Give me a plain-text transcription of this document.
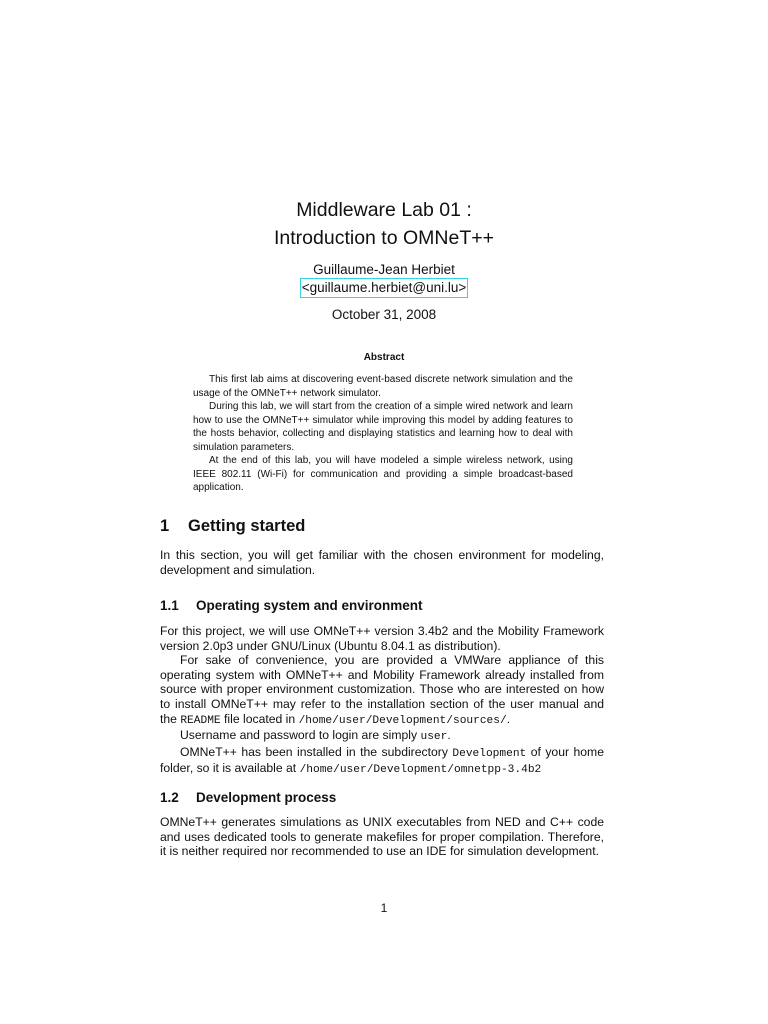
Middleware Lab 01 :
Introduction to OMNeT++
Guillaume-Jean Herbiet
<guillaume.herbiet@uni.lu>
October 31, 2008
Abstract

This first lab aims at discovering event-based discrete network simulation and the usage of the OMNeT++ network simulator.

During this lab, we will start from the creation of a simple wired network and learn how to use the OMNeT++ simulator while improving this model by adding features to the hosts behavior, collecting and displaying statistics and learning how to deal with simulation parameters.

At the end of this lab, you will have modeled a simple wireless network, using IEEE 802.11 (Wi-Fi) for communication and providing a simple broadcast-based application.

1 Getting started

In this section, you will get familiar with the chosen environment for modeling, development and simulation.

1.1 Operating system and environment

For this project, we will use OMNeT++ version 3.4b2 and the Mobility Framework version 2.0p3 under GNU/Linux (Ubuntu 8.04.1 as distribution).

For sake of convenience, you are provided a VMWare appliance of this operating system with OMNeT++ and Mobility Framework already installed from source with proper environment customization. Those who are interested on how to install OMNeT++ may refer to the installation section of the user manual and the README file located in /home/user/Development/sources/.

Username and password to login are simply user.

OMNeT++ has been installed in the subdirectory Development of your home folder, so it is available at /home/user/Development/omnetpp-3.4b2

1.2 Development process

OMNeT++ generates simulations as UNIX executables from NED and C++ code and uses dedicated tools to generate makefiles for proper compilation. Therefore, it is neither required nor recommended to use an IDE for simulation development.

1
